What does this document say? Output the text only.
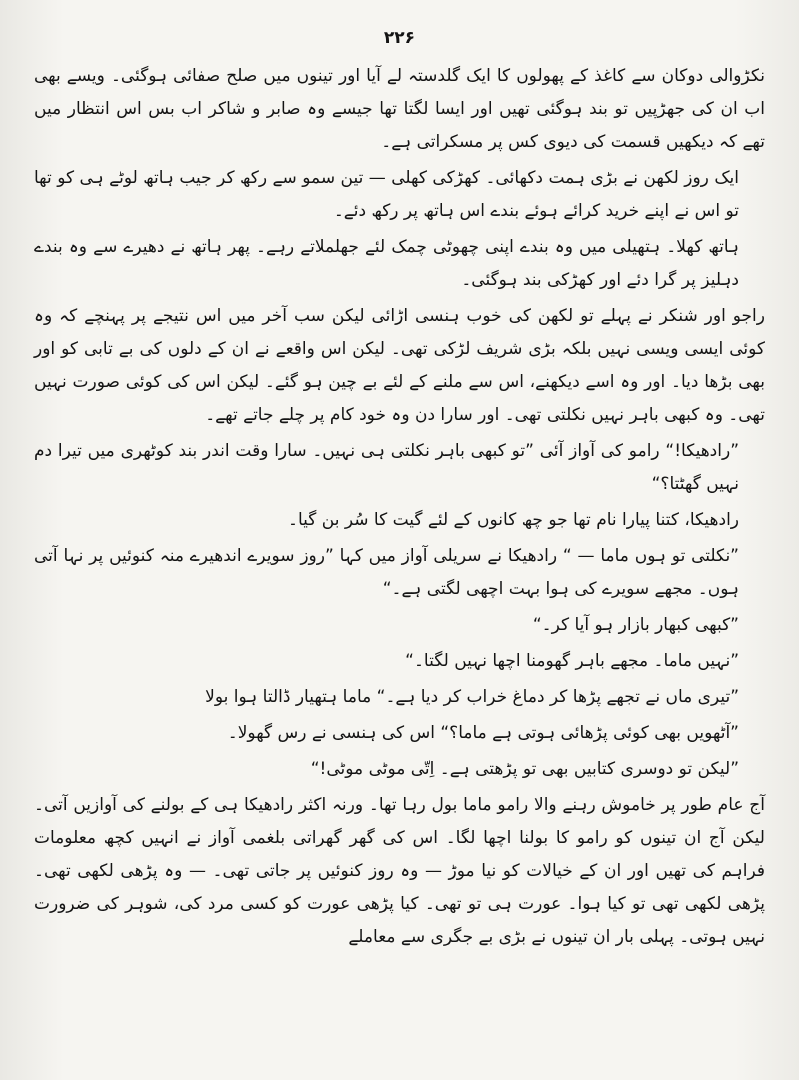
۲۲۶

نکڑوالی دوکان سے کاغذ کے پھولوں کا ایک گلدستہ لے آیا اور تینوں میں صلح صفائی ہوگئی۔ ویسے بھی اب ان کی جھڑپیں تو بند ہوگئی تھیں اور ایسا لگتا تھا جیسے وہ صابر و شاکر اب بس اس انتظار میں تھے کہ دیکھیں قسمت کی دیوی کس پر مسکراتی ہے۔

ایک روز لکھن نے بڑی ہمت دکھائی۔ کھڑکی کھلی — تین سمو سے رکھ کر جیب ہاتھ لوٹے ہی کو تھا تو اس نے اپنے خرید کرائے ہوئے بندے اس ہاتھ پر رکھ دئے۔

ہاتھ کھلا۔ ہتھیلی میں وہ بندے اپنی چھوٹی چمک لئے جھلملاتے رہے۔ پھر ہاتھ نے دھیرے سے وہ بندے دہلیز پر گرا دئے اور کھڑکی بند ہوگئی۔

راجو اور شنکر نے پہلے تو لکھن کی خوب ہنسی اڑائی لیکن سب آخر میں اس نتیجے پر پہنچے کہ وہ کوئی ایسی ویسی نہیں بلکہ بڑی شریف لڑکی تھی۔ لیکن اس واقعے نے ان کے دلوں کی بے تابی کو اور بھی بڑھا دیا۔ اور وہ اسے دیکھنے، اس سے ملنے کے لئے بے چین ہو گئے۔ لیکن اس کی کوئی صورت نہیں تھی۔ وہ کبھی باہر نہیں نکلتی تھی۔ اور سارا دن وہ خود کام پر چلے جاتے تھے۔

”رادھیکا!“ رامو کی آواز آئی ”تو کبھی باہر نکلتی ہی نہیں۔ سارا وقت اندر بند کوٹھری میں تیرا دم نہیں گھٹتا؟“

رادھیکا، کتنا پیارا نام تھا جو چھ کانوں کے لئے گیت کا سُر بن گیا۔

”نکلتی تو ہوں ماما — “ رادھیکا نے سریلی آواز میں کہا ”روز سویرے اندھیرے منہ کنوئیں پر نہا آتی ہوں۔ مجھے سویرے کی ہوا بہت اچھی لگتی ہے۔“

”کبھی کبھار بازار ہو آیا کر۔“

”نہیں ماما۔ مجھے باہر گھومنا اچھا نہیں لگتا۔“

”تیری ماں نے تجھے پڑھا کر دماغ خراب کر دیا ہے۔“ ماما ہتھیار ڈالتا ہوا بولا

”آٹھویں بھی کوئی پڑھائی ہوتی ہے ماما؟“ اس کی ہنسی نے رس گھولا۔

”لیکن تو دوسری کتابیں بھی تو پڑھتی ہے۔ اِتّی موٹی موٹی!“

آج عام طور پر خاموش رہنے والا رامو ماما بول رہا تھا۔ ورنہ اکثر رادھیکا ہی کے بولنے کی آوازیں آتی۔ لیکن آج ان تینوں کو رامو کا بولنا اچھا لگا۔ اس کی گھر گھراتی بلغمی آواز نے انہیں کچھ معلومات فراہم کی تھیں اور ان کے خیالات کو نیا موڑ — وہ روز کنوئیں پر جاتی تھی۔ — وہ پڑھی لکھی تھی۔ پڑھی لکھی تھی تو کیا ہوا۔ عورت ہی تو تھی۔ کیا پڑھی عورت کو کسی مرد کی، شوہر کی ضرورت نہیں ہوتی۔ پہلی بار ان تینوں نے بڑی بے جگری سے معاملے
